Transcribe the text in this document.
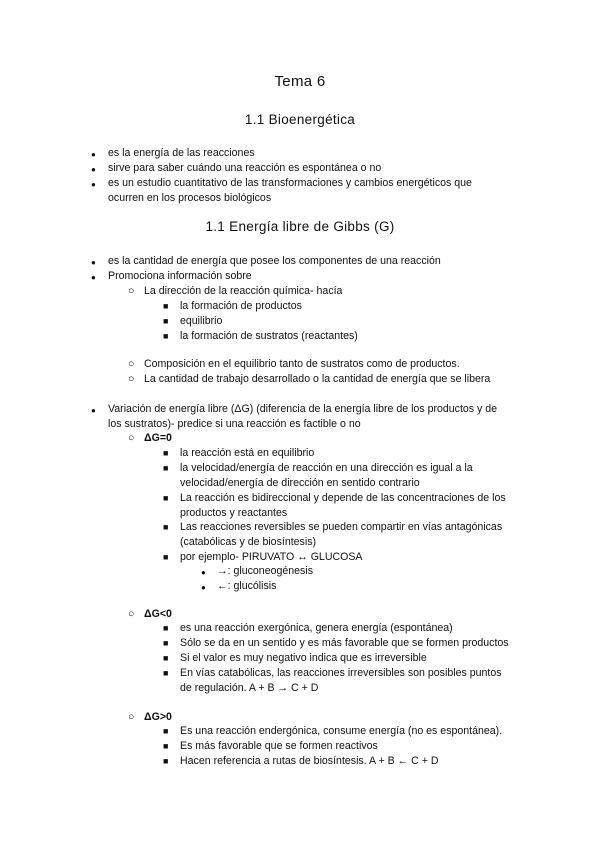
Tema 6
1.1 Bioenergética
● es la energía de las reacciones
● sirve para saber cuándo una reacción es espontánea o no
● es un estudio cuantitativo de las transformaciones y cambios energéticos que
ocurren en los procesos biológicos
1.1 Energía libre de Gibbs (G)
● es la cantidad de energía que posee los componentes de una reacción
● Promociona información sobre
○ La dirección de la reacción química- hacía
■ la formación de productos
■ equilibrio
■ la formación de sustratos (reactantes)
○ Composición en el equilibrio tanto de sustratos como de productos.
○ La cantidad de trabajo desarrollado o la cantidad de energía que se libera
● Variación de energía libre (ΔG) (diferencia de la energía libre de los productos y de
los sustratos)- predice si una reacción es factible o no
○ ΔG=0
■ la reacción está en equilibrio
■ la velocidad/energía de reacción en una dirección es igual a la
velocidad/energía de dirección en sentido contrario
■ La reacción es bidireccional y depende de las concentraciones de los
productos y reactantes
■ Las reacciones reversibles se pueden compartir en vías antagónicas
(catabólicas y de biosíntesis)
■ por ejemplo- PIRUVATO ↔ GLUCOSA
● →: gluconeogénesis
● ←: glucólisis
○ ΔG<0
■ es una reacción exergónica, genera energía (espontánea)
■ Sólo se da en un sentido y es más favorable que se formen productos
■ Si el valor es muy negativo indica que es irreversible
■ En vías catabólicas, las reacciones irreversibles son posibles puntos
de regulación. A + B → C + D
○ ΔG>0
■ Es una reacción endergónica, consume energía (no es espontánea).
■ Es más favorable que se formen reactivos
■ Hacen referencia a rutas de biosíntesis. A + B ← C + D
